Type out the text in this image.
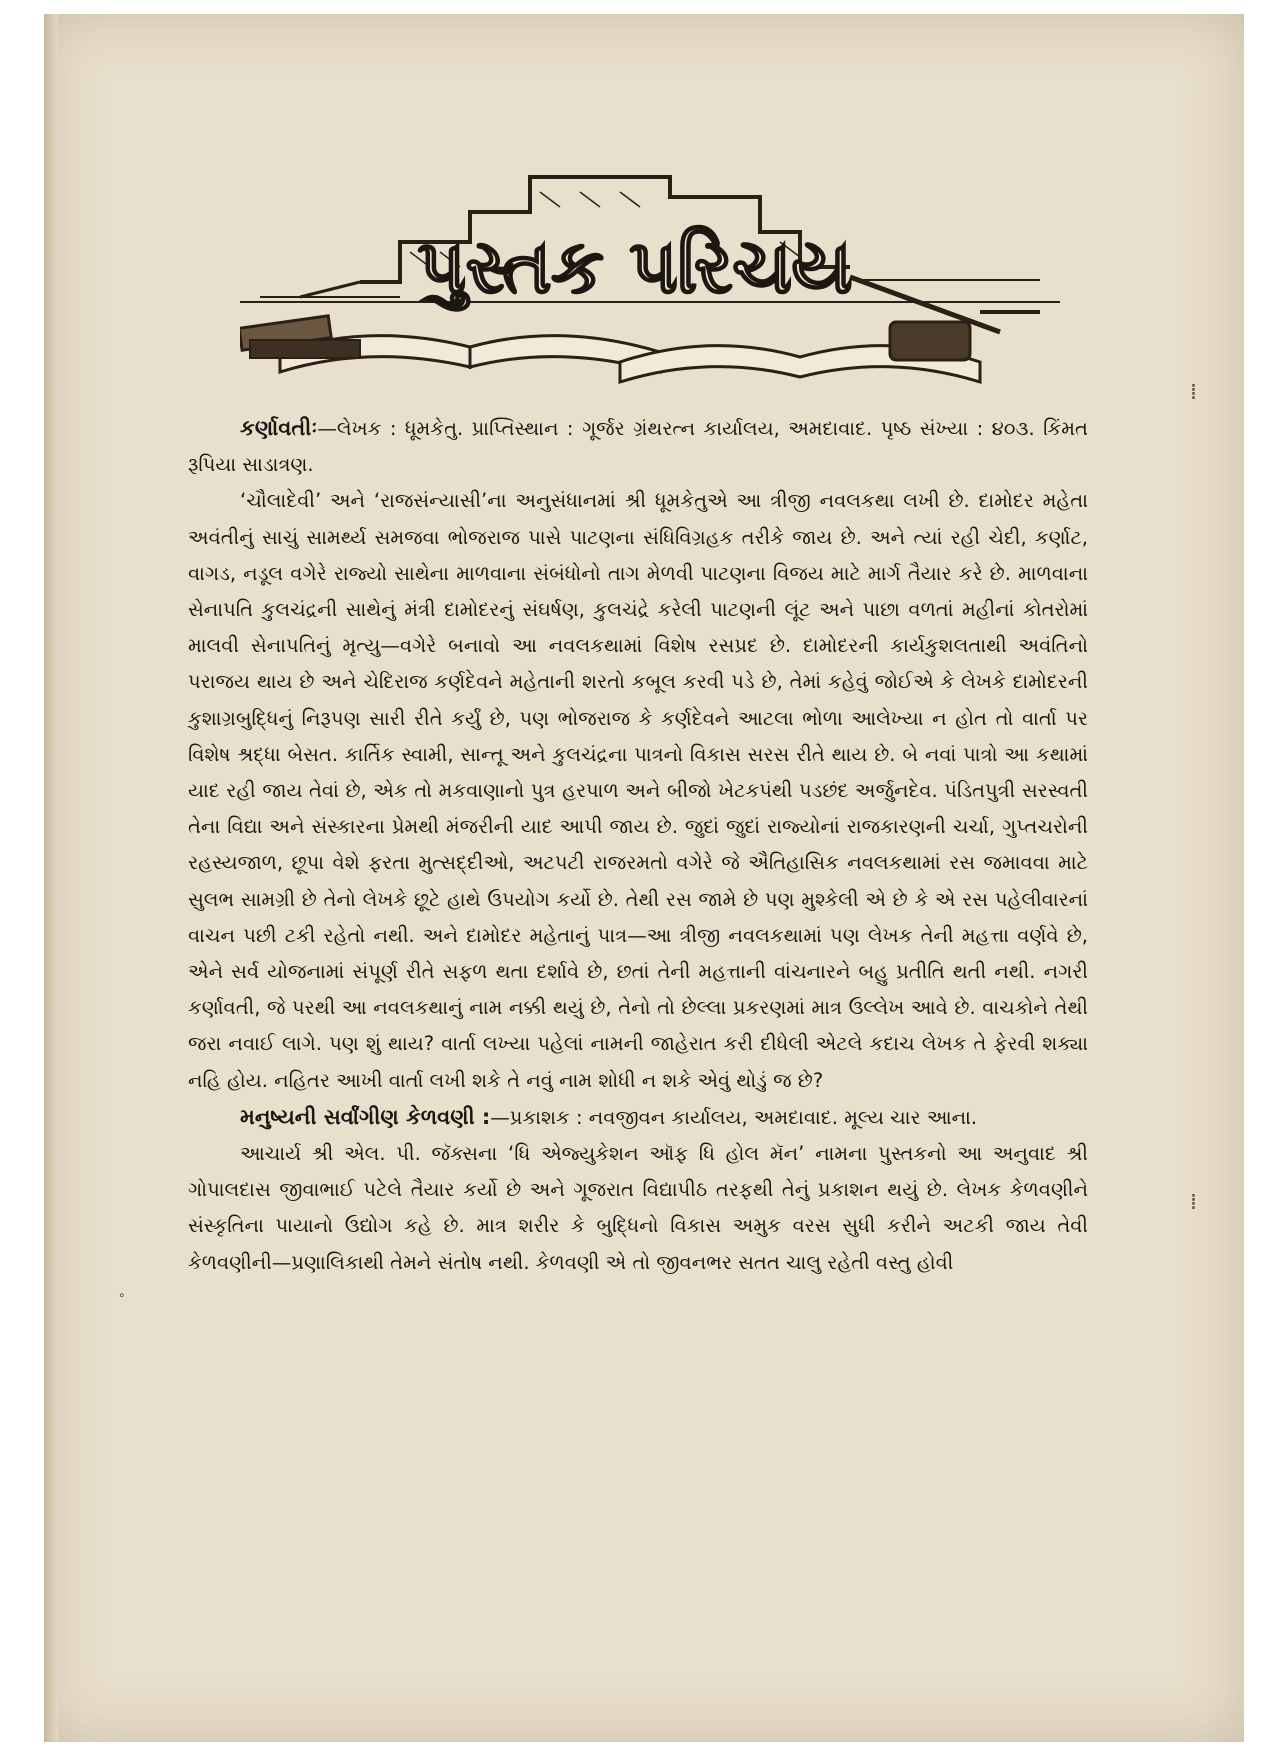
પુસ્તક પરિચય

કર્ણાવતીઃ—લેખક : ધૂમકેતુ. પ્રાપ્તિસ્થાન : ગૂર્જર ગ્રંથરત્ન કાર્યાલય, અમદાવાદ. પૃષ્ઠ સંખ્યા : ૪૦૩. કિંમત રૂપિયા સાડાત્રણ.

‘ચૌલાદેવી’ અને ‘રાજસંન્યાસી’ના અનુસંધાનમાં શ્રી ધૂમકેતુએ આ ત્રીજી નવલકથા લખી છે. દામોદર મહેતા અવંતીનું સાચું સામર્થ્ય સમજવા ભોજરાજ પાસે પાટણના સંધિવિગ્રહક તરીકે જાય છે. અને ત્યાં રહી ચેદી, કર્ણાટ, વાગડ, નડૂલ વગેરે રાજ્યો સાથેના માળવાના સંબંધોનો તાગ મેળવી પાટણના વિજય માટે માર્ગ તૈયાર કરે છે. માળવાના સેનાપતિ કુલચંદ્રની સાથેનું મંત્રી દામોદરનું સંઘર્ષણ, કુલચંદ્રે કરેલી પાટણની લૂંટ અને પાછા વળતાં મહીનાં કોતરોમાં માલવી સેનાપતિનું મૃત્યુ—વગેરે બનાવો આ નવલકથામાં વિશેષ રસપ્રદ છે. દામોદરની કાર્યકુશલતાથી અવંતિનો પરાજય થાય છે અને ચેદિરાજ કર્ણદેવને મહેતાની શરતો કબૂલ કરવી પડે છે, તેમાં કહેવું જોઈએ કે લેખકે દામોદરની કુશાગ્રબુદ્ધિનું નિરૂપણ સારી રીતે કર્યું છે, પણ ભોજરાજ કે કર્ણદેવને આટલા ભોળા આલેખ્યા ન હોત તો વાર્તા પર વિશેષ શ્રદ્ધા બેસત. કાર્તિક સ્વામી, સાન્તૂ અને કુલચંદ્રના પાત્રનો વિકાસ સરસ રીતે થાય છે. બે નવાં પાત્રો આ કથામાં યાદ રહી જાય તેવાં છે, એક તો મકવાણાનો પુત્ર હરપાળ અને બીજો ખેટકપંથી પડછંદ અર્જુનદેવ. પંડિતપુત્રી સરસ્વતી તેના વિદ્યા અને સંસ્કારના પ્રેમથી મંજરીની યાદ આપી જાય છે. જુદાં જુદાં રાજ્યોનાં રાજકારણની ચર્ચા, ગુપ્તચરોની રહસ્યજાળ, છૂપા વેશે ફરતા મુત્સદ્દીઓ, અટપટી રાજરમતો વગેરે જે ઐતિહાસિક નવલકથામાં રસ જમાવવા માટે સુલભ સામગ્રી છે તેનો લેખકે છૂટે હાથે ઉપયોગ કર્યો છે. તેથી રસ જામે છે પણ મુશ્કેલી એ છે કે એ રસ પહેલીવારનાં વાચન પછી ટકી રહેતો નથી. અને દામોદર મહેતાનું પાત્ર—આ ત્રીજી નવલકથામાં પણ લેખક તેની મહત્તા વર્ણવે છે, એને સર્વ યોજનામાં સંપૂર્ણ રીતે સફળ થતા દર્શાવે છે, છતાં તેની મહત્તાની વાંચનારને બહુ પ્રતીતિ થતી નથી. નગરી કર્ણાવતી, જે પરથી આ નવલકથાનું નામ નક્કી થયું છે, તેનો તો છેલ્લા પ્રકરણમાં માત્ર ઉલ્લેખ આવે છે. વાચકોને તેથી જરા નવાઈ લાગે. પણ શું થાય? વાર્તા લખ્યા પહેલાં નામની જાહેરાત કરી દીધેલી એટલે કદાચ લેખક તે ફેરવી શક્યા નહિ હોય. નહિતર આખી વાર્તા લખી શકે તે નવું નામ શોધી ન શકે એવું થોડું જ છે?

મનુષ્યની સર્વાંગીણ કેળવણી :—પ્રકાશક : નવજીવન કાર્યાલય, અમદાવાદ. મૂલ્ય ચાર આના.

આચાર્ય શ્રી એલ. પી. જૅક્સના ‘ધિ એજ્યુકેશન ઑફ ધિ હોલ મૅન’ નામના પુસ્તકનો આ અનુવાદ શ્રી ગોપાલદાસ જીવાભાઈ પટેલે તૈયાર કર્યો છે અને ગૂજરાત વિદ્યાપીઠ તરફથી તેનું પ્રકાશન થયું છે. લેખક કેળવણીને સંસ્કૃતિના પાયાનો ઉદ્યોગ કહે છે. માત્ર શરીર કે બુદ્ધિનો વિકાસ અમુક વરસ સુધી કરીને અટકી જાય તેવી કેળવણીની—પ્રણાલિકાથી તેમને સંતોષ નથી. કેળવણી એ તો જીવનભર સતત ચાલુ રહેતી વસ્તુ હોવી

⁞
⁞
∘
